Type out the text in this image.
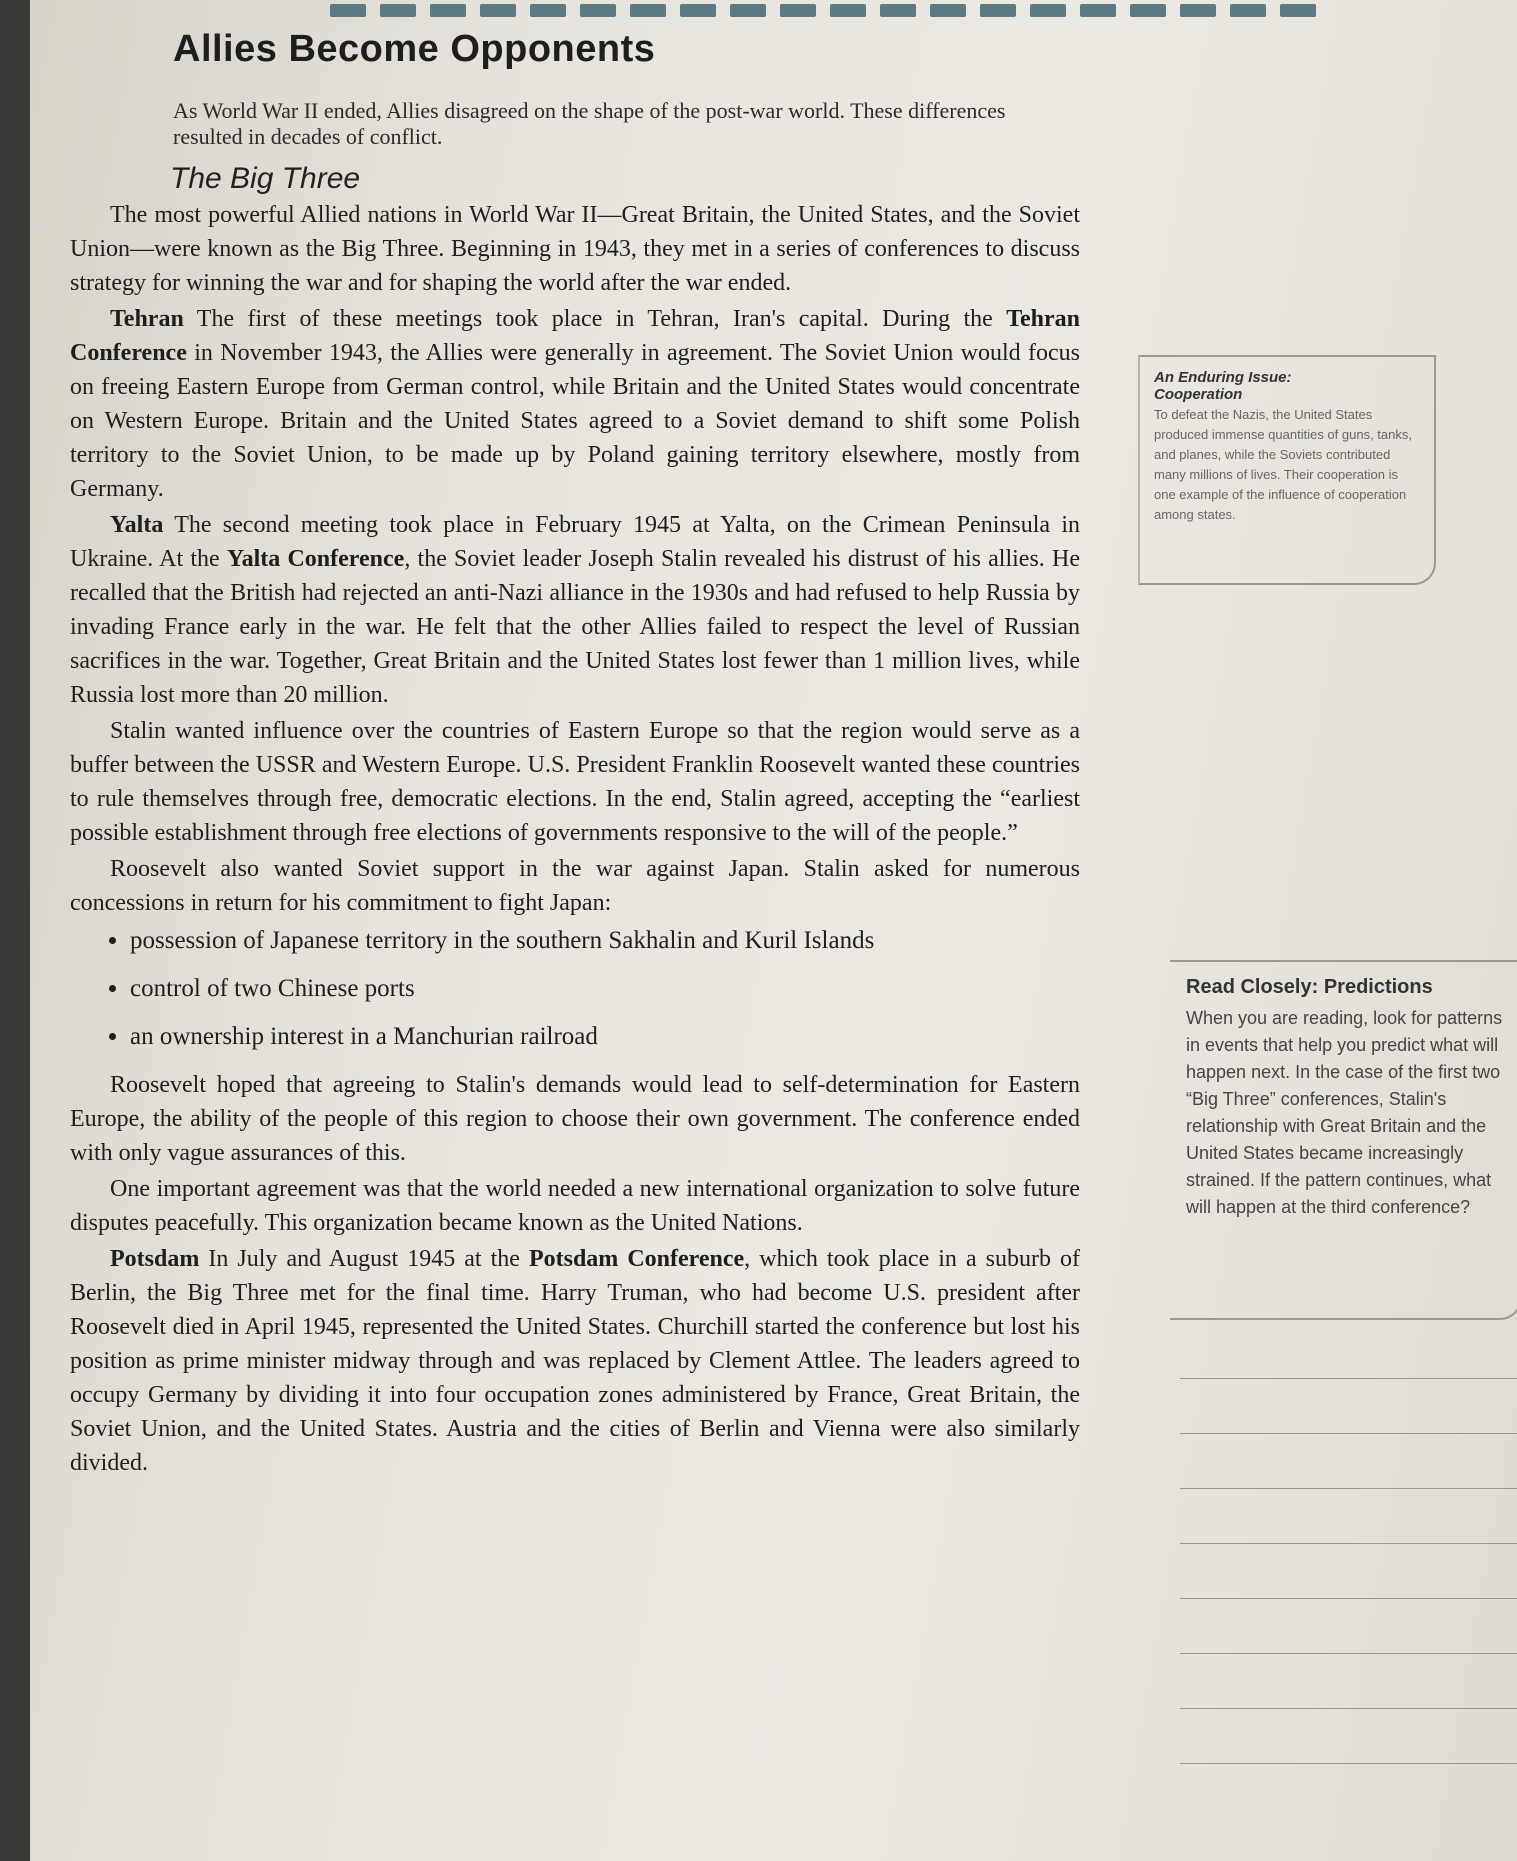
Allies Become Opponents
As World War II ended, Allies disagreed on the shape of the post-war world. These differences resulted in decades of conflict.
The Big Three

The most powerful Allied nations in World War II—Great Britain, the United States, and the Soviet Union—were known as the Big Three. Beginning in 1943, they met in a series of conferences to discuss strategy for winning the war and for shaping the world after the war ended.

Tehran The first of these meetings took place in Tehran, Iran's capital. During the Tehran Conference in November 1943, the Allies were generally in agreement. The Soviet Union would focus on freeing Eastern Europe from German control, while Britain and the United States would concentrate on Western Europe. Britain and the United States agreed to a Soviet demand to shift some Polish territory to the Soviet Union, to be made up by Poland gaining territory elsewhere, mostly from Germany.

Yalta The second meeting took place in February 1945 at Yalta, on the Crimean Peninsula in Ukraine. At the Yalta Conference, the Soviet leader Joseph Stalin revealed his distrust of his allies. He recalled that the British had rejected an anti-Nazi alliance in the 1930s and had refused to help Russia by invading France early in the war. He felt that the other Allies failed to respect the level of Russian sacrifices in the war. Together, Great Britain and the United States lost fewer than 1 million lives, while Russia lost more than 20 million.

Stalin wanted influence over the countries of Eastern Europe so that the region would serve as a buffer between the USSR and Western Europe. U.S. President Franklin Roosevelt wanted these countries to rule themselves through free, democratic elections. In the end, Stalin agreed, accepting the “earliest possible establishment through free elections of governments responsive to the will of the people.”

Roosevelt also wanted Soviet support in the war against Japan. Stalin asked for numerous concessions in return for his commitment to fight Japan:

• possession of Japanese territory in the southern Sakhalin and Kuril Islands
• control of two Chinese ports
• an ownership interest in a Manchurian railroad

Roosevelt hoped that agreeing to Stalin's demands would lead to self-determination for Eastern Europe, the ability of the people of this region to choose their own government. The conference ended with only vague assurances of this.

One important agreement was that the world needed a new international organization to solve future disputes peacefully. This organization became known as the United Nations.

Potsdam In July and August 1945 at the Potsdam Conference, which took place in a suburb of Berlin, the Big Three met for the final time. Harry Truman, who had become U.S. president after Roosevelt died in April 1945, represented the United States. Churchill started the conference but lost his position as prime minister midway through and was replaced by Clement Attlee. The leaders agreed to occupy Germany by dividing it into four occupation zones administered by France, Great Britain, the Soviet Union, and the United States. Austria and the cities of Berlin and Vienna were also similarly divided.

An Enduring Issue:
Cooperation
To defeat the Nazis, the United States produced immense quantities of guns, tanks, and planes, while the Soviets contributed many millions of lives. Their cooperation is one example of the influence of cooperation among states.
Read Closely: Predictions
When you are reading, look for patterns in events that help you predict what will happen next. In the case of the first two “Big Three” conferences, Stalin's relationship with Great Britain and the United States became increasingly strained. If the pattern continues, what will happen at the third conference?
